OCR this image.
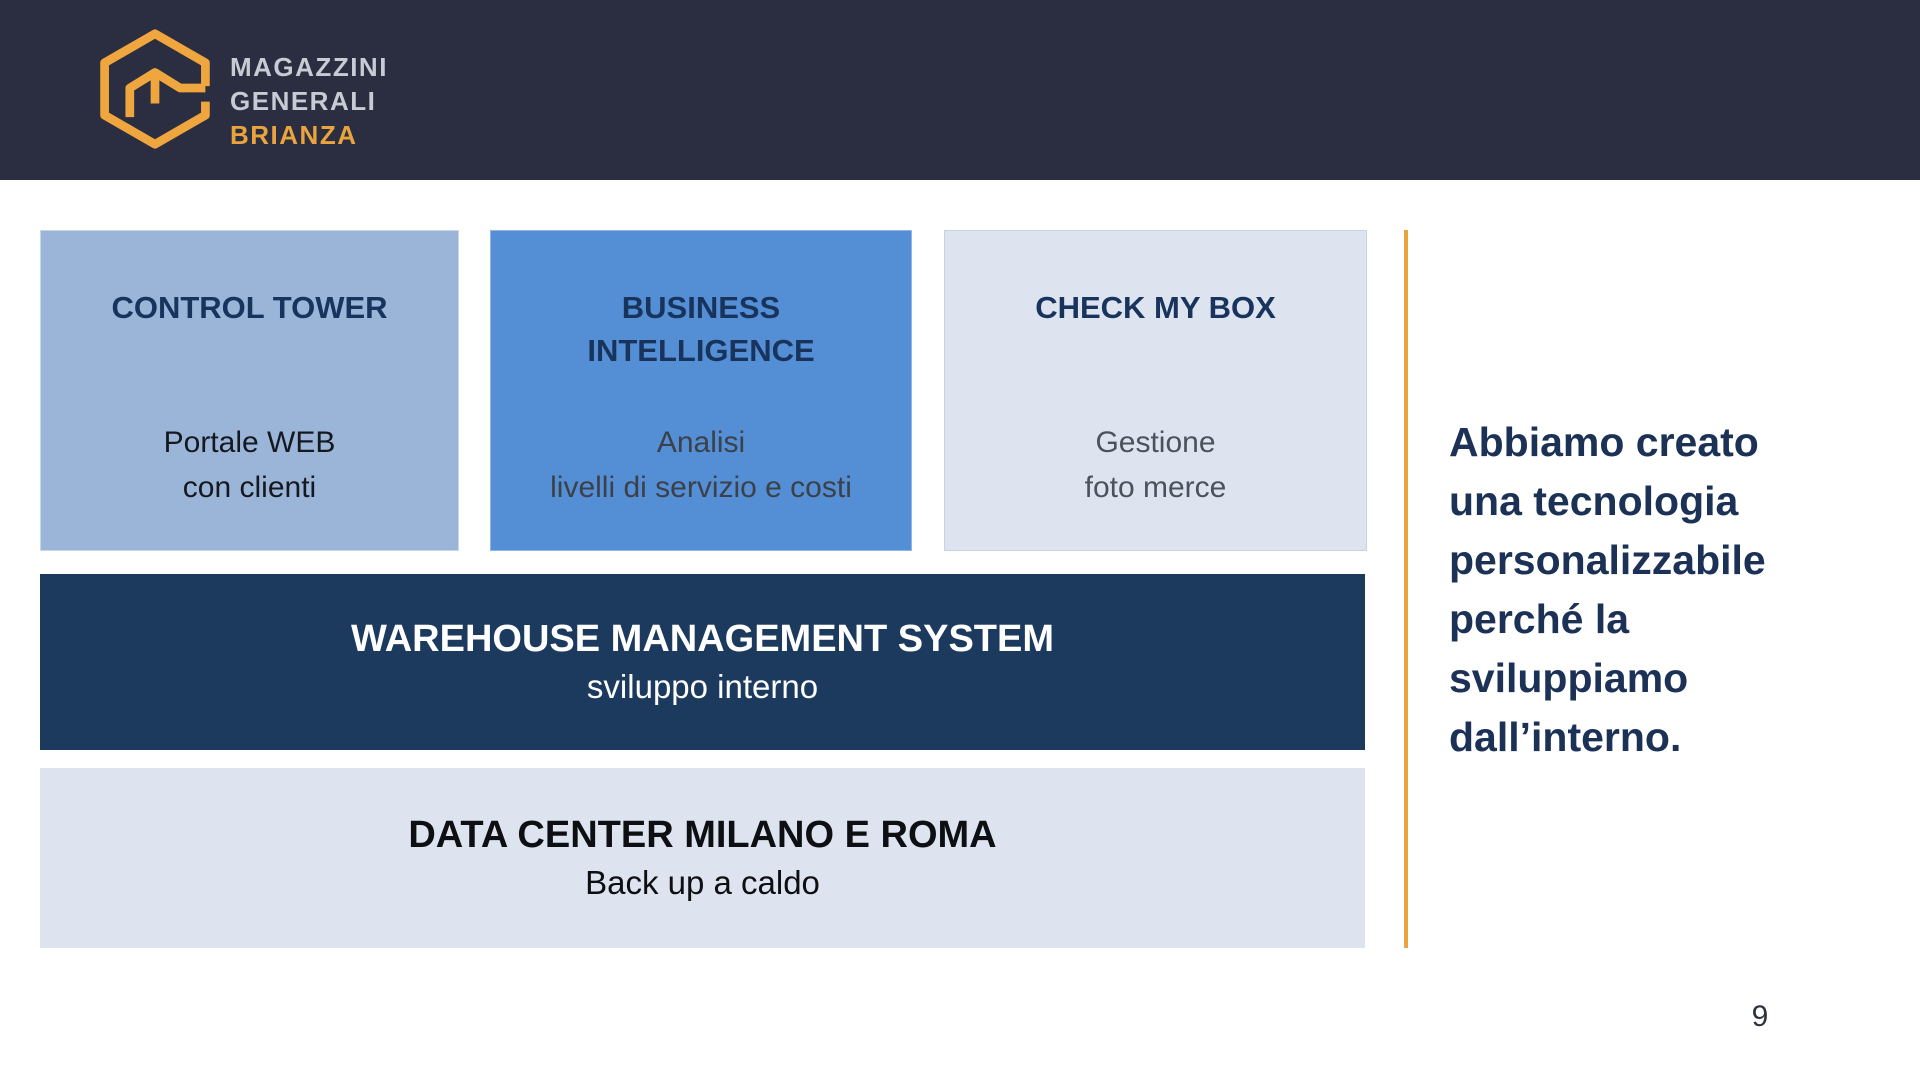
MAGAZZINI
GENERALI
BRIANZA
CONTROL TOWER
Portale WEB
con clienti
BUSINESS
INTELLIGENCE
Analisi
livelli di servizio e costi
CHECK MY BOX
Gestione
foto merce
WAREHOUSE MANAGEMENT SYSTEM
sviluppo interno
DATA CENTER MILANO E ROMA
Back up a caldo
Abbiamo creato
una tecnologia
personalizzabile
perché la
sviluppiamo
dall’interno.
9
